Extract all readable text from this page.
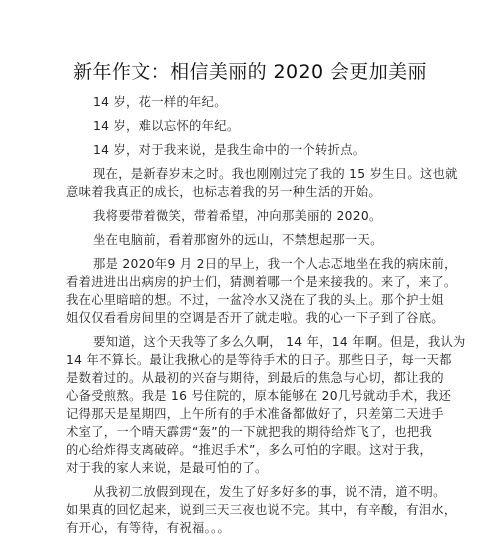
新年作文：相信美丽的 2020 会更加美丽
14 岁，花一样的年纪。
14 岁，难以忘怀的年纪。
14 岁，对于我来说，是我生命中的一个转折点。
现在，是新春岁末之时。我也刚刚过完了我的 15 岁生日。这也就
意味着我真正的成长，也标志着我的另一种生活的开始。
我将要带着微笑，带着希望，冲向那美丽的 2020。
坐在电脑前，看着那窗外的远山，不禁想起那一天。
那是 2020年9 月 2日的早上，我一个人忐忑地坐在我的病床前，
看着进进出出病房的护士们，猜测着哪一个是来接我的。来了，来了。
我在心里暗暗的想。不过，一盆冷水又浇在了我的头上。那个护士姐
姐仅仅看看房间里的空调是否开了就走啦。我的心一下子到了谷底。
要知道，这个天我等了多么久啊， 14 年，14 年啊。但是，我认为
14 年不算长。最让我揪心的是等待手术的日子。那些日子，每一天都
是数着过的。从最初的兴奋与期待，到最后的焦急与心切，都让我的
心备受煎熬。我是 16 号住院的，原本能够在 20几号就动手术，我还
记得那天是星期四，上午所有的手术准备都做好了，只差第二天进手
术室了，一个晴天霹雳“轰”的一下就把我的期待给炸飞了，也把我
的心给炸得支离破碎。“推迟手术”，多么可怕的字眼。这对于我，
对于我的家人来说，是最可怕的了。
从我初二放假到现在，发生了好多好多的事，说不清，道不明。
如果真的回忆起来，说到三天三夜也说不完。其中，有辛酸，有泪水，
有开心，有等待，有祝福。。。
